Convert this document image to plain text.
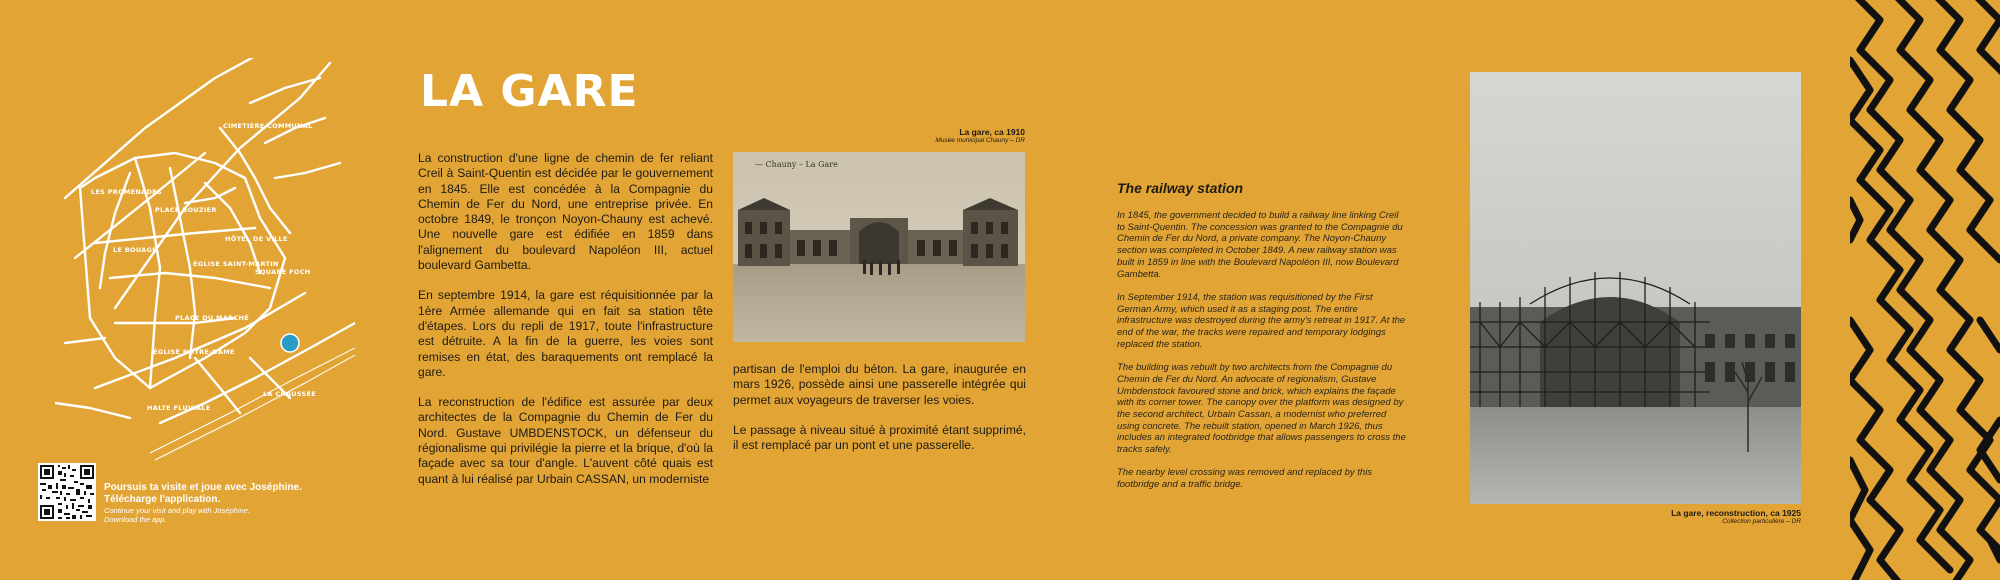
CIMETIÈRE COMMUNAL
LES PROMENADES
PLACE BOUZIER
HÔTEL DE VILLE
LE BOUAGE
ÉGLISE SAINT-MARTIN
SQUARE FOCH
PLACE DU MARCHÉ
ÉGLISE NOTRE-DAME
HALTE FLUVIALE
LA CHAUSSÉE
Poursuis ta visite et joue avec Joséphine.
Télécharge l'application.
Continue your visit and play with Joséphine.
Download the app.
LA GARE

La construction d'une ligne de chemin de fer reliant Creil à Saint-Quentin est décidée par le gouvernement en 1845. Elle est concédée à la Compagnie du Chemin de Fer du Nord, une entreprise privée. En octobre 1849, le tronçon Noyon-Chauny est achevé. Une nouvelle gare est édifiée en 1859 dans l'alignement du boulevard Napoléon III, actuel boulevard Gambetta.

En septembre 1914, la gare est réquisitionnée par la 1ère Armée allemande qui en fait sa station tête d'étapes. Lors du repli de 1917, toute l'infrastructure est détruite. A la fin de la guerre, les voies sont remises en état, des baraquements ont remplacé la gare.

La reconstruction de l'édifice est assurée par deux architectes de la Compagnie du Chemin de Fer du Nord. Gustave UMBDENSTOCK, un défenseur du régionalisme qui privilégie la pierre et la brique, d'où la façade avec sa tour d'angle. L'auvent côté quais est quant à lui réalisé par Urbain CASSAN, un moderniste

partisan de l'emploi du béton. La gare, inaugurée en mars 1926, possède ainsi une passerelle intégrée qui permet aux voyageurs de traverser les voies.

Le passage à niveau situé à proximité étant supprimé, il est remplacé par un pont et une passerelle.

La gare, ca 1910
Musée municipal Chauny – DR
— Chauny – La Gare
The railway station

In 1845, the government decided to build a railway line linking Creil to Saint-Quentin. The concession was granted to the Compagnie du Chemin de Fer du Nord, a private company. The Noyon-Chauny section was completed in October 1849. A new railway station was built in 1859 in line with the Boulevard Napoléon III, now Boulevard Gambetta.

In September 1914, the station was requisitioned by the First German Army, which used it as a staging post. The entire infrastructure was destroyed during the army's retreat in 1917. At the end of the war, the tracks were repaired and temporary lodgings replaced the station.

The building was rebuilt by two architects from the Compagnie du Chemin de Fer du Nord. An advocate of regionalism, Gustave Umbdenstock favoured stone and brick, which explains the façade with its corner tower. The canopy over the platform was designed by the second architect, Urbain Cassan, a modernist who preferred using concrete. The rebuilt station, opened in March 1926, thus includes an integrated footbridge that allows passengers to cross the tracks safely.

The nearby level crossing was removed and replaced by this footbridge and a traffic bridge.

La gare, reconstruction, ca 1925
Collection particulière – DR
